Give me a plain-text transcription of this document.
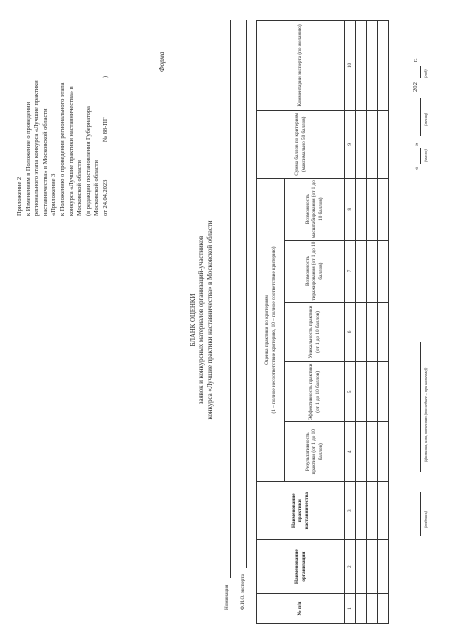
Приложение 2 к Изменениям в Положение о проведении регионального этапа конкурса «Лучшие практики наставничества» в Московской области «Приложение 3 к Положению о проведении регионального этапа конкурса «Лучшие практики наставничества» в Московской области (в редакции постановления Губернатора Московской области от 24.04.2023
№ 88-ПГ
)
Форма
БЛАНК ОЦЕНКИ заявок и конкурсных материалов организаций-участников конкурса «Лучшие практики наставничества» в Московской области
Номинация Ф.И.О. эксперта	№ п/п	Наименование организации	Наименование практики наставничества	Оценка практики по критериям (1 – полное несоответствие критерию, 10 – полное соответствие критерию)					Сумма баллов по критериям (максимально 50 баллов)	Комментарии эксперта (по желанию)
			Результативность практики (от 1 до 10 баллов)	Эффективность практики (от 1 до 10 баллов)	Уникальность практики (от 1 до 10 баллов)	Возможность тиражирования (от 1 до 10 баллов)	Возможность масштабирования (от 1 до 10 баллов)		
1	2	3	4	5	6	7	8	9	10

(подпись)
(фамилия, имя, отчество (последнее – при наличии))
«
(число)
»
(месяц)
202
(год)
г.
